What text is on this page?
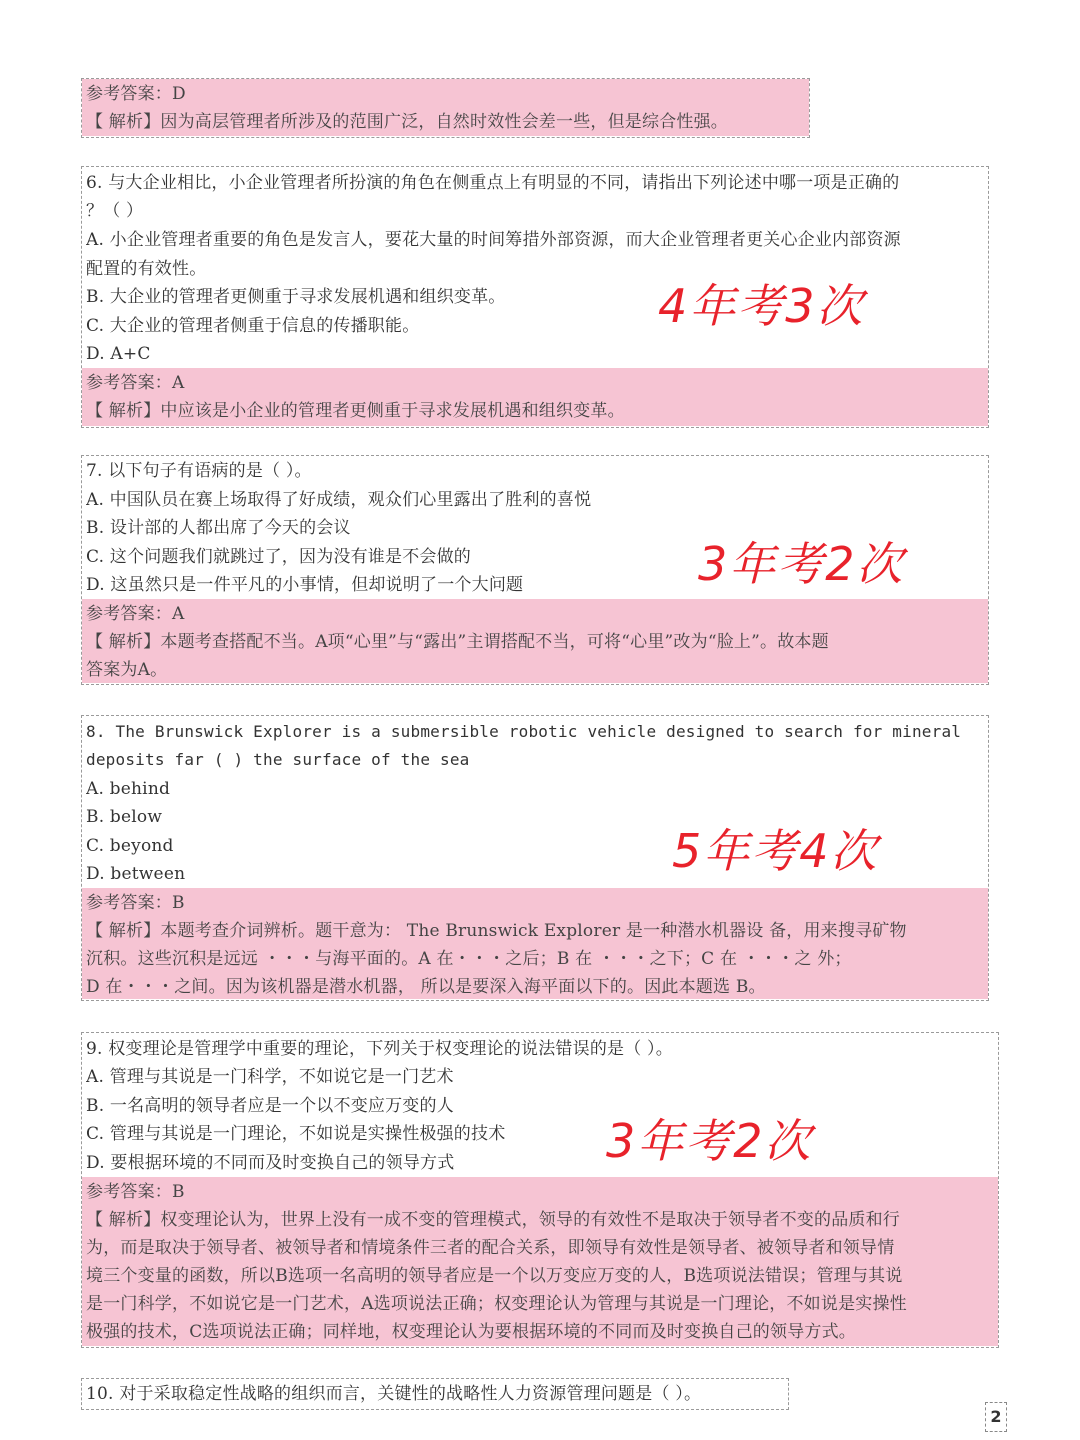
参考答案：D
【 解析】因为高层管理者所涉及的范围广泛，自然时效性会差一些，但是综合性强。
6. 与大企业相比，小企业管理者所扮演的角色在侧重点上有明显的不同，请指出下列论述中哪一项是正确的
？（ ）
A. 小企业管理者重要的角色是发言人，要花大量的时间筹措外部资源，而大企业管理者更关心企业内部资源
配置的有效性。
B. 大企业的管理者更侧重于寻求发展机遇和组织变革。
C. 大企业的管理者侧重于信息的传播职能。
D. A+C
参考答案：A
【 解析】中应该是小企业的管理者更侧重于寻求发展机遇和组织变革。
4年考3次
7. 以下句子有语病的是（ ）。
A. 中国队员在赛上场取得了好成绩，观众们心里露出了胜利的喜悦
B. 设计部的人都出席了今天的会议
C. 这个问题我们就跳过了，因为没有谁是不会做的
D. 这虽然只是一件平凡的小事情，但却说明了一个大问题
参考答案：A
【 解析】本题考查搭配不当。A项“心里”与“露出”主谓搭配不当，可将“心里”改为“脸上”。故本题
答案为A。
3年考2次
8. The Brunswick Explorer is a submersible robotic vehicle designed to search for mineral
deposits far ( ) the surface of the sea
A. behind
B. below
C. beyond
D. between
参考答案：B
【 解析】本题考查介词辨析。题干意为： The Brunswick Explorer 是一种潜水机器设 备，用来搜寻矿物
沉积。这些沉积是远远 ・・・与海平面的。A 在・・・之后；B 在 ・・・之下；C 在 ・・・之 外；
D 在・・・之间。因为该机器是潜水机器， 所以是要深入海平面以下的。因此本题选 B。
5年考4次
9. 权变理论是管理学中重要的理论，下列关于权变理论的说法错误的是（ ）。
A. 管理与其说是一门科学，不如说它是一门艺术
B. 一名高明的领导者应是一个以不变应万变的人
C. 管理与其说是一门理论，不如说是实操性极强的技术
D. 要根据环境的不同而及时变换自己的领导方式
参考答案：B
【 解析】权变理论认为，世界上没有一成不变的管理模式，领导的有效性不是取决于领导者不变的品质和行
为，而是取决于领导者、被领导者和情境条件三者的配合关系，即领导有效性是领导者、被领导者和领导情
境三个变量的函数，所以B选项一名高明的领导者应是一个以万变应万变的人，B选项说法错误；管理与其说
是一门科学，不如说它是一门艺术，A选项说法正确；权变理论认为管理与其说是一门理论，不如说是实操性
极强的技术，C选项说法正确；同样地，权变理论认为要根据环境的不同而及时变换自己的领导方式。
3年考2次
10. 对于采取稳定性战略的组织而言，关键性的战略性人力资源管理问题是（ ）。
2
